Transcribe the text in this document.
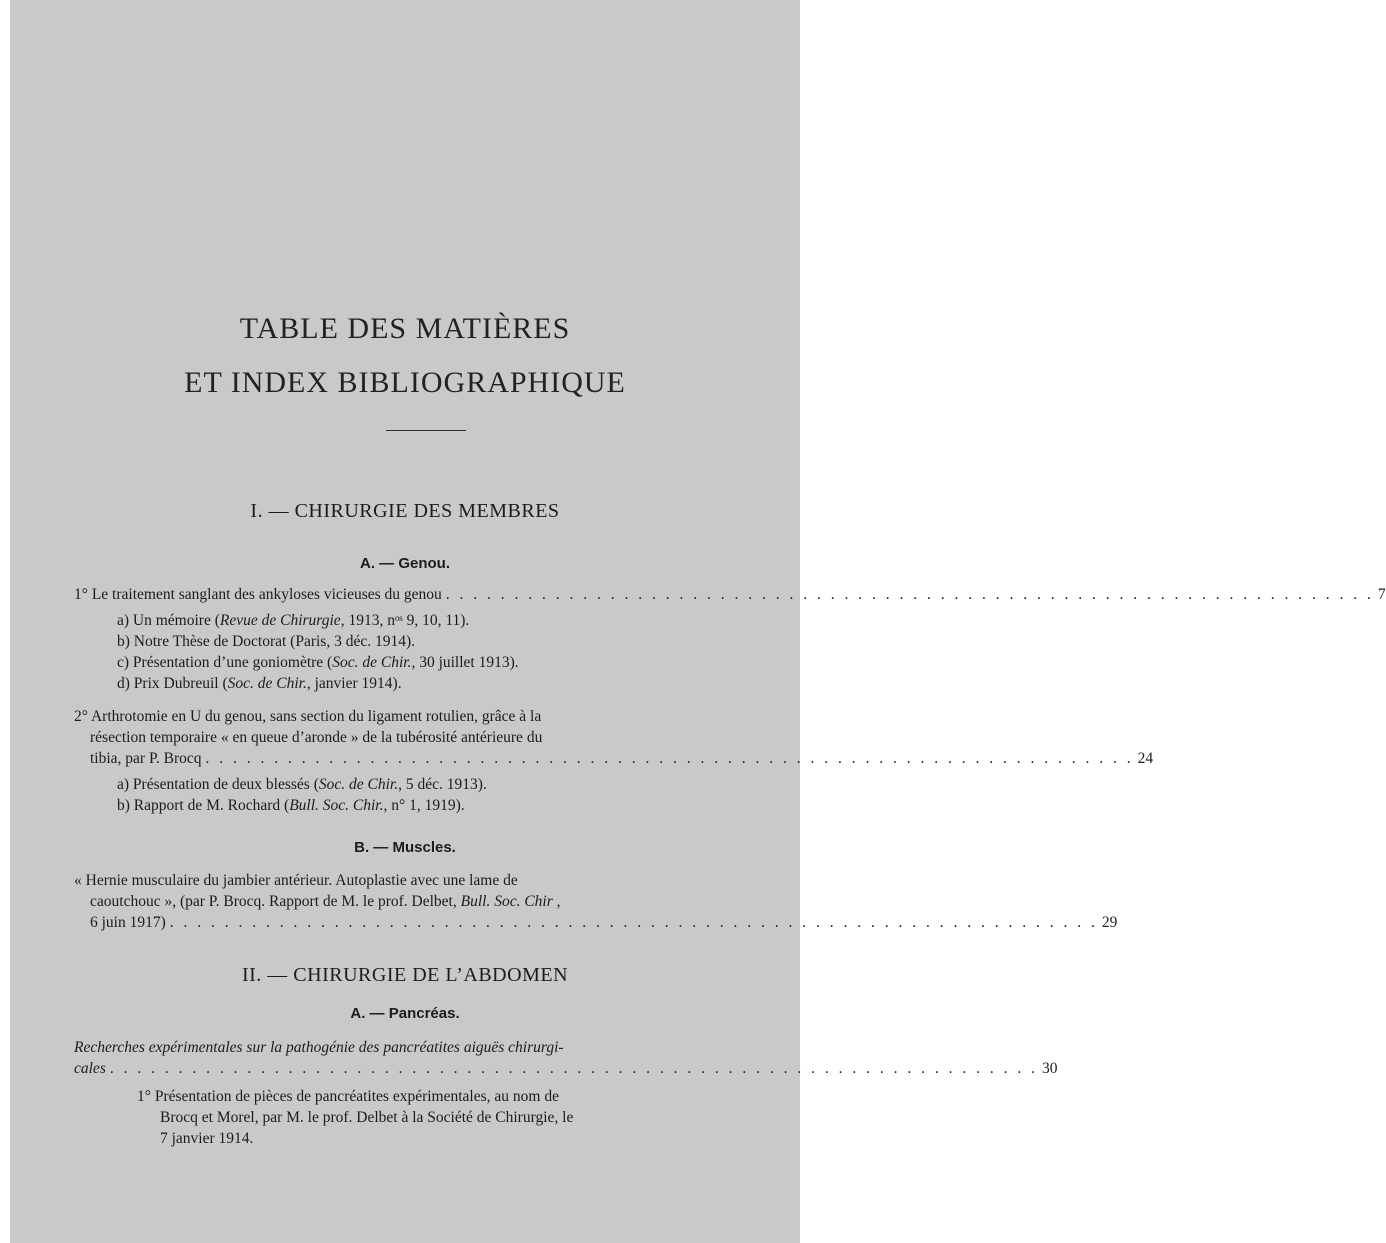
TABLE DES MATIÈRES
ET INDEX BIBLIOGRAPHIQUE
I. — CHIRURGIE DES MEMBRES
A. — Genou.
1° Le traitement sanglant des ankyloses vicieuses du genou . . . . . . . . . . . . . . . . . . . . . . . . . . . . . . . . . . . . . . . . . . . . . . . . . . . . . . . . . . . . . . . . . . . . 7
a) Un mémoire (Revue de Chirurgie, 1913, nᵒˢ 9, 10, 11).
b) Notre Thèse de Doctorat (Paris, 3 déc. 1914).
c) Présentation d’une goniomètre (Soc. de Chir., 30 juillet 1913).
d) Prix Dubreuil (Soc. de Chir., janvier 1914).
2° Arthrotomie en U du genou, sans section du ligament rotulien, grâce à la
résection temporaire « en queue d’aronde » de la tubérosité antérieure du
tibia, par P. Brocq . . . . . . . . . . . . . . . . . . . . . . . . . . . . . . . . . . . . . . . . . . . . . . . . . . . . . . . . . . . . . . . . . . . . 24
a) Présentation de deux blessés (Soc. de Chir., 5 déc. 1913).
b) Rapport de M. Rochard (Bull. Soc. Chir., n° 1, 1919).
B. — Muscles.
« Hernie musculaire du jambier antérieur. Autoplastie avec une lame de
caoutchouc », (par P. Brocq. Rapport de M. le prof. Delbet, Bull. Soc. Chir ,
6 juin 1917) . . . . . . . . . . . . . . . . . . . . . . . . . . . . . . . . . . . . . . . . . . . . . . . . . . . . . . . . . . . . . . . . . . . . 29
II. — CHIRURGIE DE L’ABDOMEN
A. — Pancréas.
Recherches expérimentales sur la pathogénie des pancréatites aiguës chirurgi-
cales . . . . . . . . . . . . . . . . . . . . . . . . . . . . . . . . . . . . . . . . . . . . . . . . . . . . . . . . . . . . . . . . . . . . 30
1° Présentation de pièces de pancréatites expérimentales, au nom de
Brocq et Morel, par M. le prof. Delbet à la Société de Chirurgie, le
7 janvier 1914.
